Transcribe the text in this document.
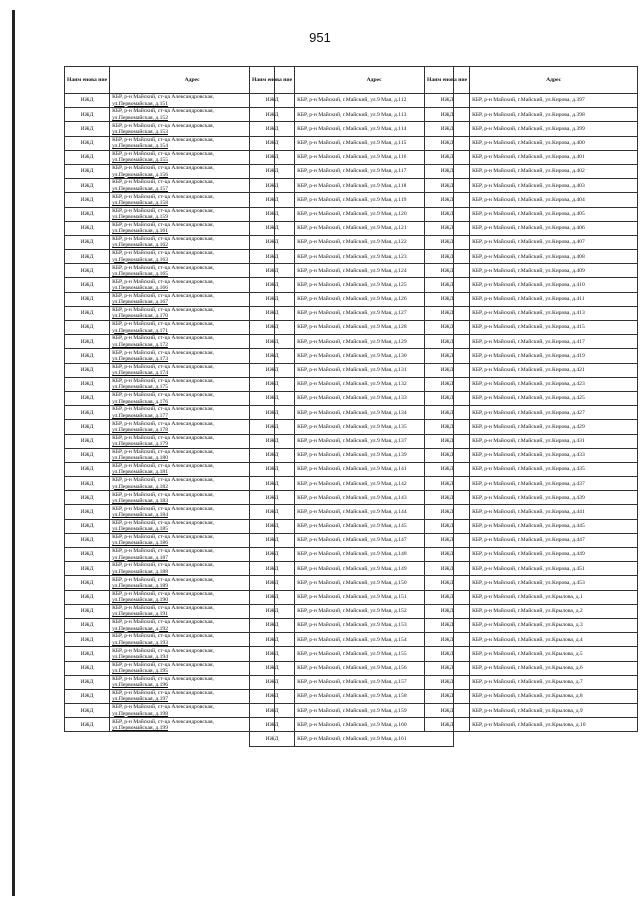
951
Наим енова ние	Адрес
ИЖД	КБР, р-н Майский, ст-ца Александровская,
ул.Первомайская, д.151

ИЖД	КБР, р-н Майский, ст-ца Александровская,
ул.Первомайская, д.152

ИЖД	КБР, р-н Майский, ст-ца Александровская,
ул.Первомайская, д.153

ИЖД	КБР, р-н Майский, ст-ца Александровская,
ул.Первомайская, д.154

ИЖД	КБР, р-н Майский, ст-ца Александровская,
ул.Первомайская, д.155

ИЖД	КБР, р-н Майский, ст-ца Александровская,
ул.Первомайская, д.156

ИЖД	КБР, р-н Майский, ст-ца Александровская,
ул.Первомайская, д.157

ИЖД	КБР, р-н Майский, ст-ца Александровская,
ул.Первомайская, д.158

ИЖД	КБР, р-н Майский, ст-ца Александровская,
ул.Первомайская, д.159

ИЖД	КБР, р-н Майский, ст-ца Александровская,
ул.Первомайская, д.161

ИЖД	КБР, р-н Майский, ст-ца Александровская,
ул.Первомайская, д.162

ИЖД	КБР, р-н Майский, ст-ца Александровская,
ул.Первомайская, д.163

ИЖД	КБР, р-н Майский, ст-ца Александровская,
ул.Первомайская, д.165

ИЖД	КБР, р-н Майский, ст-ца Александровская,
ул.Первомайская, д.166

ИЖД	КБР, р-н Майский, ст-ца Александровская,
ул.Первомайская, д.167

ИЖД	КБР, р-н Майский, ст-ца Александровская,
ул.Первомайская, д.170

ИЖД	КБР, р-н Майский, ст-ца Александровская,
ул.Первомайская, д.171

ИЖД	КБР, р-н Майский, ст-ца Александровская,
ул.Первомайская, д.172

ИЖД	КБР, р-н Майский, ст-ца Александровская,
ул.Первомайская, д.173

ИЖД	КБР, р-н Майский, ст-ца Александровская,
ул.Первомайская, д.174

ИЖД	КБР, р-н Майский, ст-ца Александровская,
ул.Первомайская, д.175

ИЖД	КБР, р-н Майский, ст-ца Александровская,
ул.Первомайская, д.176

ИЖД	КБР, р-н Майский, ст-ца Александровская,
ул.Первомайская, д.177

ИЖД	КБР, р-н Майский, ст-ца Александровская,
ул.Первомайская, д.178

ИЖД	КБР, р-н Майский, ст-ца Александровская,
ул.Первомайская, д.179

ИЖД	КБР, р-н Майский, ст-ца Александровская,
ул.Первомайская, д.180

ИЖД	КБР, р-н Майский, ст-ца Александровская,
ул.Первомайская, д.181

ИЖД	КБР, р-н Майский, ст-ца Александровская,
ул.Первомайская, д.182

ИЖД	КБР, р-н Майский, ст-ца Александровская,
ул.Первомайская, д.183

ИЖД	КБР, р-н Майский, ст-ца Александровская,
ул.Первомайская, д.184

ИЖД	КБР, р-н Майский, ст-ца Александровская,
ул.Первомайская, д.185

ИЖД	КБР, р-н Майский, ст-ца Александровская,
ул.Первомайская, д.186

ИЖД	КБР, р-н Майский, ст-ца Александровская,
ул.Первомайская, д.187

ИЖД	КБР, р-н Майский, ст-ца Александровская,
ул.Первомайская, д.188

ИЖД	КБР, р-н Майский, ст-ца Александровская,
ул.Первомайская, д.189

ИЖД	КБР, р-н Майский, ст-ца Александровская,
ул.Первомайская, д.190

ИЖД	КБР, р-н Майский, ст-ца Александровская,
ул.Первомайская, д.191

ИЖД	КБР, р-н Майский, ст-ца Александровская,
ул.Первомайская, д.192

ИЖД	КБР, р-н Майский, ст-ца Александровская,
ул.Первомайская, д.193

ИЖД	КБР, р-н Майский, ст-ца Александровская,
ул.Первомайская, д.194

ИЖД	КБР, р-н Майский, ст-ца Александровская,
ул.Первомайская, д.195

ИЖД	КБР, р-н Майский, ст-ца Александровская,
ул.Первомайская, д.196

ИЖД	КБР, р-н Майский, ст-ца Александровская,
ул.Первомайская, д.197

ИЖД	КБР, р-н Майский, ст-ца Александровская,
ул.Первомайская, д.198

ИЖД	КБР, р-н Майский, ст-ца Александровская,
ул.Первомайская, д.199
Наим енова ние	Адрес
ИЖД	КБР, р-н Майский, г.Майский, ул.9 Мая, д.112

ИЖД	КБР, р-н Майский, г.Майский, ул.9 Мая, д.113

ИЖД	КБР, р-н Майский, г.Майский, ул.9 Мая, д.114

ИЖД	КБР, р-н Майский, г.Майский, ул.9 Мая, д.115

ИЖД	КБР, р-н Майский, г.Майский, ул.9 Мая, д.116

ИЖД	КБР, р-н Майский, г.Майский, ул.9 Мая, д.117

ИЖД	КБР, р-н Майский, г.Майский, ул.9 Мая, д.118

ИЖД	КБР, р-н Майский, г.Майский, ул.9 Мая, д.119

ИЖД	КБР, р-н Майский, г.Майский, ул.9 Мая, д.120

ИЖД	КБР, р-н Майский, г.Майский, ул.9 Мая, д.121

ИЖД	КБР, р-н Майский, г.Майский, ул.9 Мая, д.122

ИЖД	КБР, р-н Майский, г.Майский, ул.9 Мая, д.123

ИЖД	КБР, р-н Майский, г.Майский, ул.9 Мая, д.124

ИЖД	КБР, р-н Майский, г.Майский, ул.9 Мая, д.125

ИЖД	КБР, р-н Майский, г.Майский, ул.9 Мая, д.126

ИЖД	КБР, р-н Майский, г.Майский, ул.9 Мая, д.127

ИЖД	КБР, р-н Майский, г.Майский, ул.9 Мая, д.128

ИЖД	КБР, р-н Майский, г.Майский, ул.9 Мая, д.129

ИЖД	КБР, р-н Майский, г.Майский, ул.9 Мая, д.130

ИЖД	КБР, р-н Майский, г.Майский, ул.9 Мая, д.131

ИЖД	КБР, р-н Майский, г.Майский, ул.9 Мая, д.132

ИЖД	КБР, р-н Майский, г.Майский, ул.9 Мая, д.133

ИЖД	КБР, р-н Майский, г.Майский, ул.9 Мая, д.134

ИЖД	КБР, р-н Майский, г.Майский, ул.9 Мая, д.135

ИЖД	КБР, р-н Майский, г.Майский, ул.9 Мая, д.137

ИЖД	КБР, р-н Майский, г.Майский, ул.9 Мая, д.139

ИЖД	КБР, р-н Майский, г.Майский, ул.9 Мая, д.141

ИЖД	КБР, р-н Майский, г.Майский, ул.9 Мая, д.142

ИЖД	КБР, р-н Майский, г.Майский, ул.9 Мая, д.143

ИЖД	КБР, р-н Майский, г.Майский, ул.9 Мая, д.144

ИЖД	КБР, р-н Майский, г.Майский, ул.9 Мая, д.145

ИЖД	КБР, р-н Майский, г.Майский, ул.9 Мая, д.147

ИЖД	КБР, р-н Майский, г.Майский, ул.9 Мая, д.148

ИЖД	КБР, р-н Майский, г.Майский, ул.9 Мая, д.149

ИЖД	КБР, р-н Майский, г.Майский, ул.9 Мая, д.150

ИЖД	КБР, р-н Майский, г.Майский, ул.9 Мая, д.151

ИЖД	КБР, р-н Майский, г.Майский, ул.9 Мая, д.152

ИЖД	КБР, р-н Майский, г.Майский, ул.9 Мая, д.153

ИЖД	КБР, р-н Майский, г.Майский, ул.9 Мая, д.154

ИЖД	КБР, р-н Майский, г.Майский, ул.9 Мая, д.155

ИЖД	КБР, р-н Майский, г.Майский, ул.9 Мая, д.156

ИЖД	КБР, р-н Майский, г.Майский, ул.9 Мая, д.157

ИЖД	КБР, р-н Майский, г.Майский, ул.9 Мая, д.158

ИЖД	КБР, р-н Майский, г.Майский, ул.9 Мая, д.159

ИЖД	КБР, р-н Майский, г.Майский, ул.9 Мая, д.160

ИЖД	КБР, р-н Майский, г.Майский, ул.9 Мая, д.161
Наим енова ние	Адрес
ИЖД	КБР, р-н Майский, г.Майский, ул.Кирова, д.397

ИЖД	КБР, р-н Майский, г.Майский, ул.Кирова, д.398

ИЖД	КБР, р-н Майский, г.Майский, ул.Кирова, д.399

ИЖД	КБР, р-н Майский, г.Майский, ул.Кирова, д.400

ИЖД	КБР, р-н Майский, г.Майский, ул.Кирова, д.401

ИЖД	КБР, р-н Майский, г.Майский, ул.Кирова, д.402

ИЖД	КБР, р-н Майский, г.Майский, ул.Кирова, д.403

ИЖД	КБР, р-н Майский, г.Майский, ул.Кирова, д.404

ИЖД	КБР, р-н Майский, г.Майский, ул.Кирова, д.405

ИЖД	КБР, р-н Майский, г.Майский, ул.Кирова, д.406

ИЖД	КБР, р-н Майский, г.Майский, ул.Кирова, д.407

ИЖД	КБР, р-н Майский, г.Майский, ул.Кирова, д.408

ИЖД	КБР, р-н Майский, г.Майский, ул.Кирова, д.409

ИЖД	КБР, р-н Майский, г.Майский, ул.Кирова, д.410

ИЖД	КБР, р-н Майский, г.Майский, ул.Кирова, д.411

ИЖД	КБР, р-н Майский, г.Майский, ул.Кирова, д.413

ИЖД	КБР, р-н Майский, г.Майский, ул.Кирова, д.415

ИЖД	КБР, р-н Майский, г.Майский, ул.Кирова, д.417

ИЖД	КБР, р-н Майский, г.Майский, ул.Кирова, д.419

ИЖД	КБР, р-н Майский, г.Майский, ул.Кирова, д.421

ИЖД	КБР, р-н Майский, г.Майский, ул.Кирова, д.423

ИЖД	КБР, р-н Майский, г.Майский, ул.Кирова, д.425

ИЖД	КБР, р-н Майский, г.Майский, ул.Кирова, д.427

ИЖД	КБР, р-н Майский, г.Майский, ул.Кирова, д.429

ИЖД	КБР, р-н Майский, г.Майский, ул.Кирова, д.431

ИЖД	КБР, р-н Майский, г.Майский, ул.Кирова, д.433

ИЖД	КБР, р-н Майский, г.Майский, ул.Кирова, д.435

ИЖД	КБР, р-н Майский, г.Майский, ул.Кирова, д.437

ИЖД	КБР, р-н Майский, г.Майский, ул.Кирова, д.439

ИЖД	КБР, р-н Майский, г.Майский, ул.Кирова, д.441

ИЖД	КБР, р-н Майский, г.Майский, ул.Кирова, д.445

ИЖД	КБР, р-н Майский, г.Майский, ул.Кирова, д.447

ИЖД	КБР, р-н Майский, г.Майский, ул.Кирова, д.449

ИЖД	КБР, р-н Майский, г.Майский, ул.Кирова, д.451

ИЖД	КБР, р-н Майский, г.Майский, ул.Кирова, д.453

ИЖД	КБР, р-н Майский, г.Майский, ул.Крылова, д.1

ИЖД	КБР, р-н Майский, г.Майский, ул.Крылова, д.2

ИЖД	КБР, р-н Майский, г.Майский, ул.Крылова, д.3

ИЖД	КБР, р-н Майский, г.Майский, ул.Крылова, д.4

ИЖД	КБР, р-н Майский, г.Майский, ул.Крылова, д.5

ИЖД	КБР, р-н Майский, г.Майский, ул.Крылова, д.6

ИЖД	КБР, р-н Майский, г.Майский, ул.Крылова, д.7

ИЖД	КБР, р-н Майский, г.Майский, ул.Крылова, д.8

ИЖД	КБР, р-н Майский, г.Майский, ул.Крылова, д.9

ИЖД	КБР, р-н Майский, г.Майский, ул.Крылова, д.10
